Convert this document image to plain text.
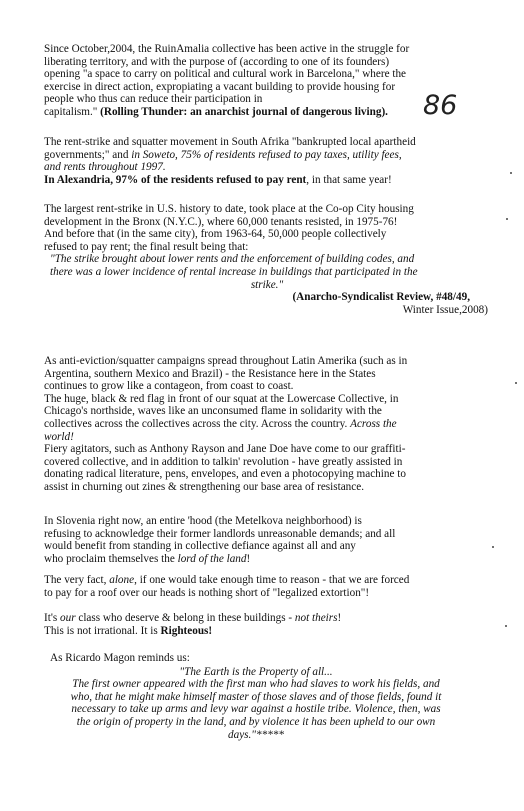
Since October,2004, the RuinAmalia collective has been active in the struggle for

liberating territory, and with the purpose of (according to one of its founders)

opening "a space to carry on political and cultural work in Barcelona," where the

exercise in direct action, expropiating a vacant building to provide housing for

people who thus can reduce their participation in

capitalism." (Rolling Thunder: an anarchist journal of dangerous living).	86

The rent-strike and squatter movement in South Afrika "bankrupted local apartheid

governments;" and in Soweto, 75% of residents refused to pay taxes, utility fees,

and rents throughout 1997.

In Alexandria, 97% of the residents refused to pay rent, in that same year!

The largest rent-strike in U.S. history to date, took place at the Co-op City housing

development in the Bronx (N.Y.C.), where 60,000 tenants resisted, in 1975-76!

And before that (in the same city), from 1963-64, 50,000 people collectively

refused to pay rent; the final result being that:

"The strike brought about lower rents and the enforcement of building codes, and

there was a lower incidence of rental increase in buildings that participated in the

strike."

(Anarcho-Syndicalist Review, #48/49,

Winter Issue,2008)

As anti-eviction/squatter campaigns spread throughout Latin Amerika (such as in

Argentina, southern Mexico and Brazil) - the Resistance here in the States

continues to grow like a contageon, from coast to coast.

The huge, black & red flag in front of our squat at the Lowercase Collective, in

Chicago's northside, waves like an unconsumed flame in solidarity with the

collectives across the collectives across the city. Across the country. Across the

world!

Fiery agitators, such as Anthony Rayson and Jane Doe have come to our graffiti-

covered collective, and in addition to talkin' revolution - have greatly assisted in

donating radical literature, pens, envelopes, and even a photocopying machine to

assist in churning out zines & strengthening our base area of resistance.

In Slovenia right now, an entire 'hood (the Metelkova neighborhood) is

refusing to acknowledge their former landlords unreasonable demands; and all

would benefit from standing in collective defiance against all and any

who proclaim themselves the lord of the land!

The very fact, alone, if one would take enough time to reason - that we are forced

to pay for a roof over our heads is nothing short of "legalized extortion"!

It's our class who deserve & belong in these buildings - not theirs!

This is not irrational. It is Righteous!

As Ricardo Magon reminds us:

"The Earth is the Property of all...

The first owner appeared with the first man who had slaves to work his fields, and

who, that he might make himself master of those slaves and of those fields, found it

necessary to take up arms and levy war against a hostile tribe. Violence, then, was

the origin of property in the land, and by violence it has been upheld to our own

days."*****
